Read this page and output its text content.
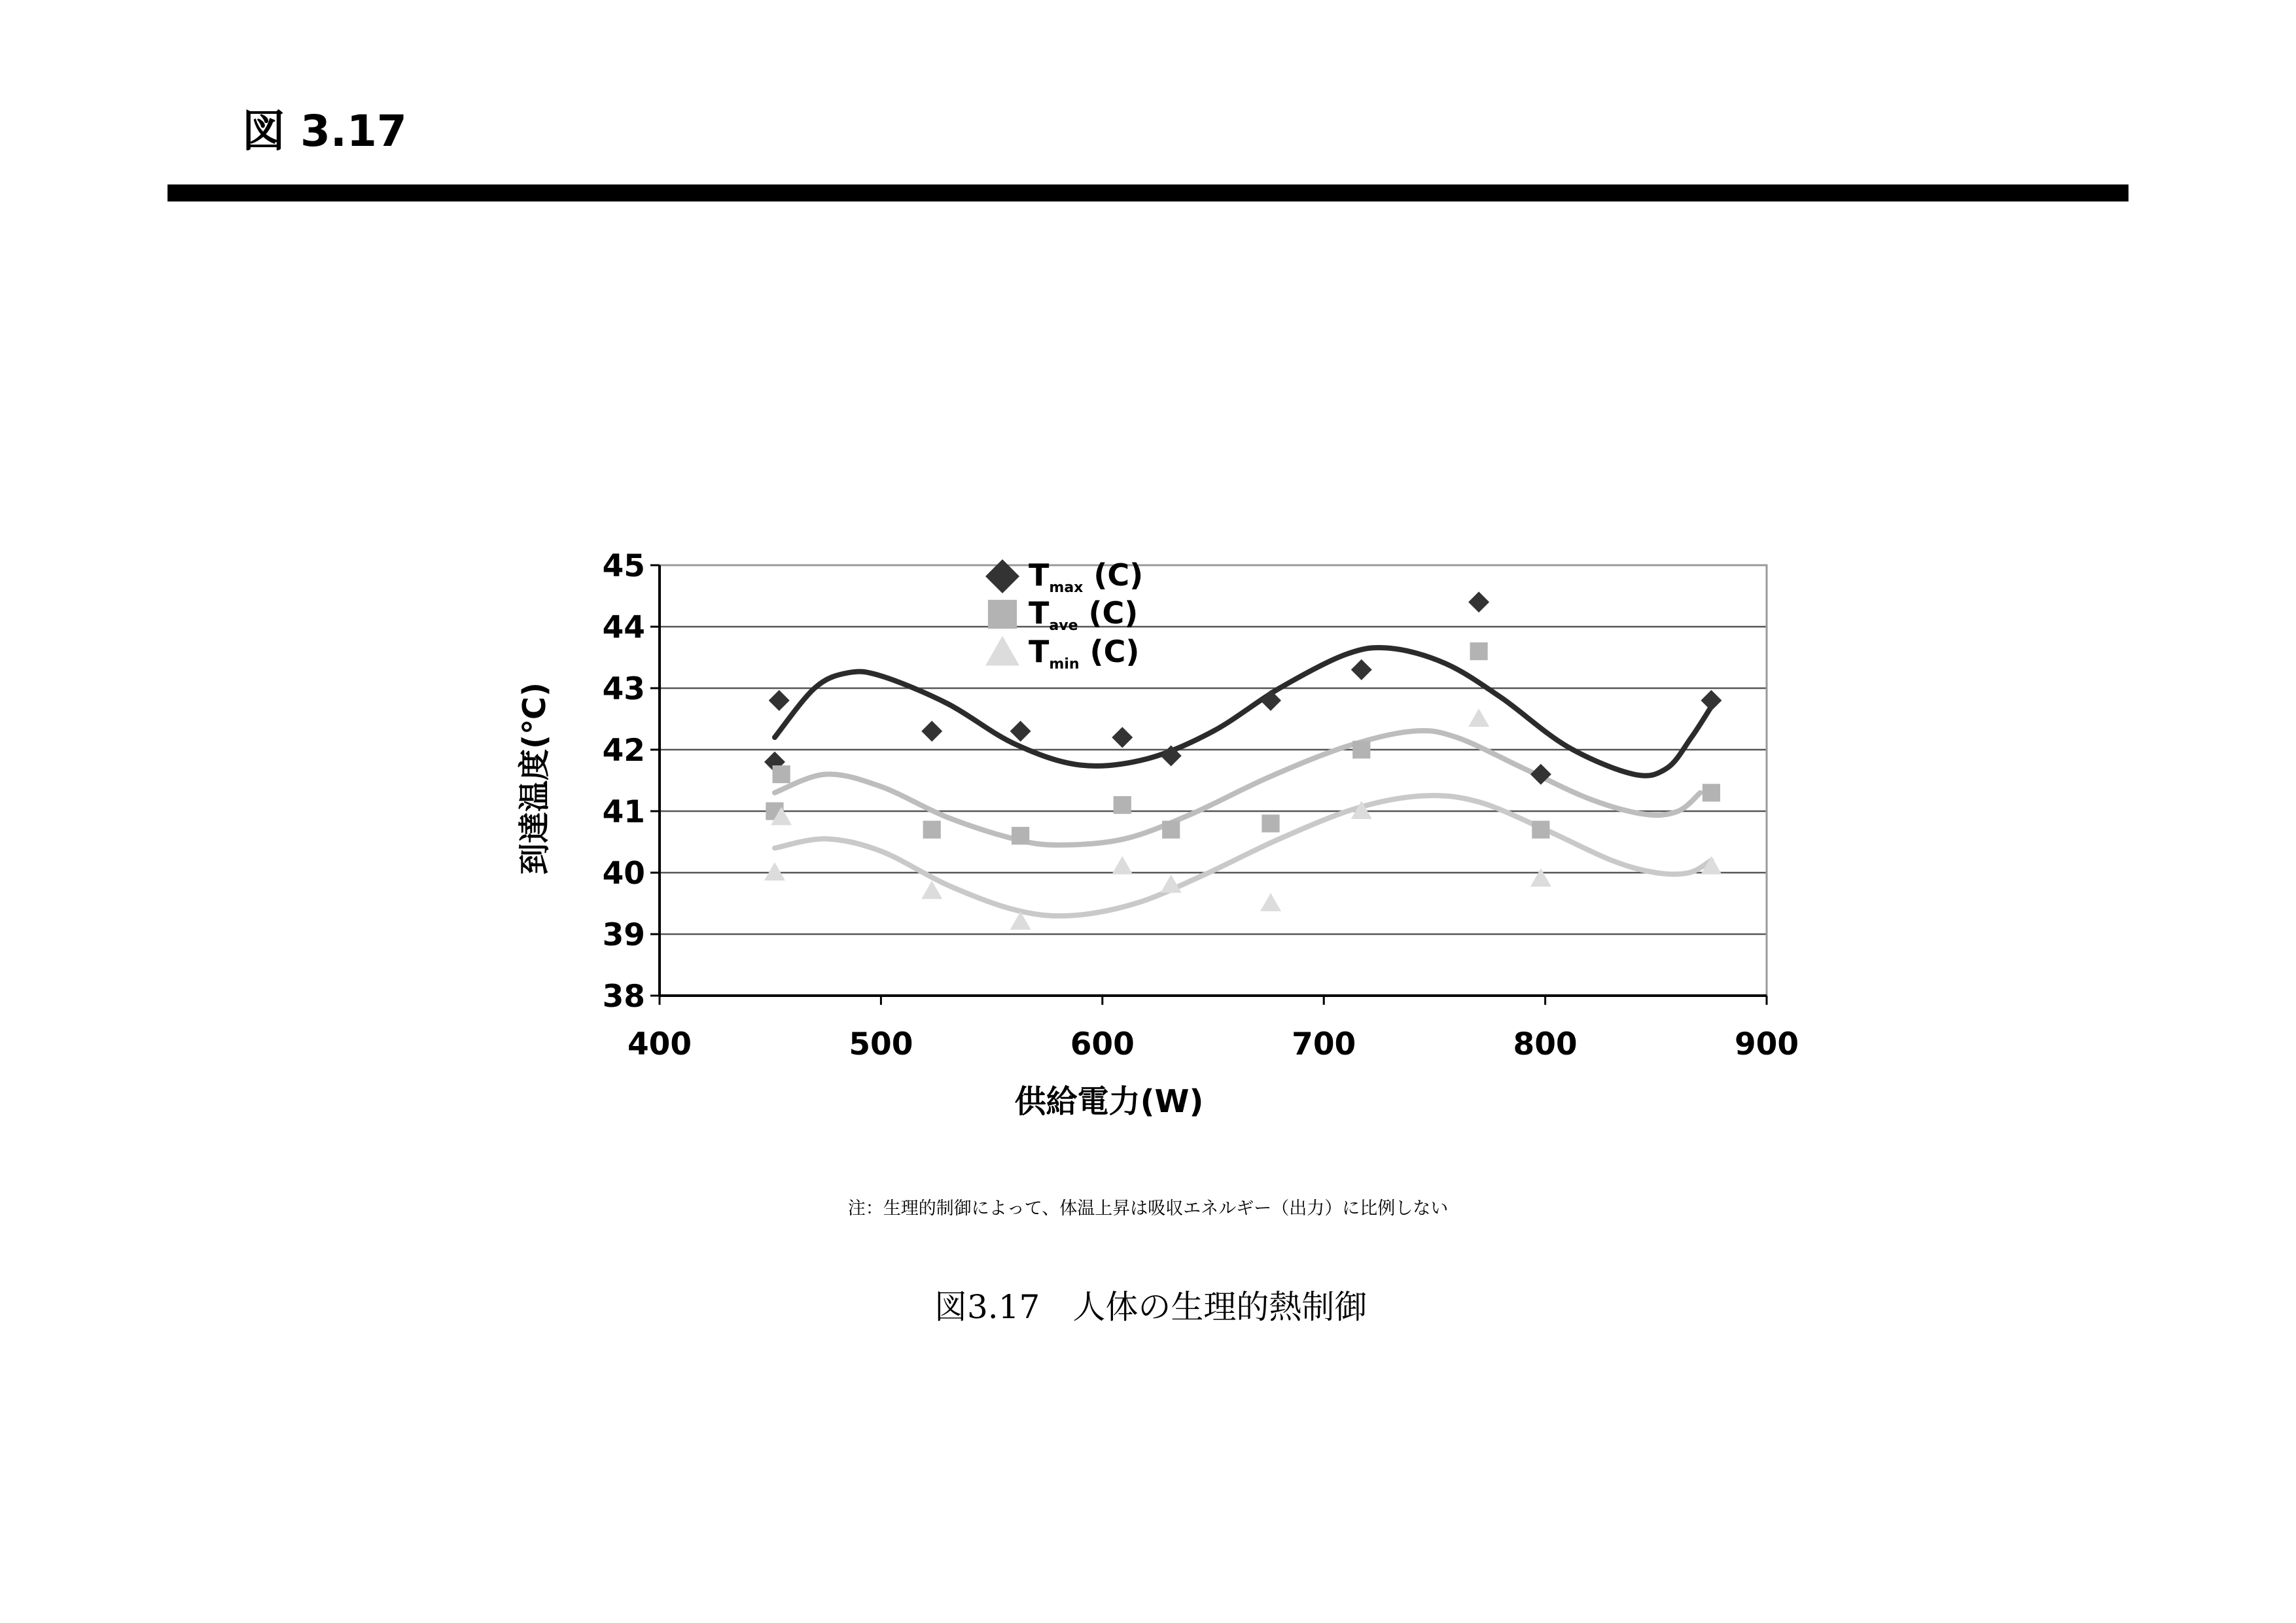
図 3.17
38
39
40
41
42
43
44
45
400	500	600	700	800	900
$T_{max}$ (C)
$T_{ave}$ (C)
$T_{min}$ (C)
供給電力(W)
到達温度(℃)
注：生理的制御によって、体温上昇は吸収エネルギー（出力）に比例しない
図3.17　人体の生理的熱制御
